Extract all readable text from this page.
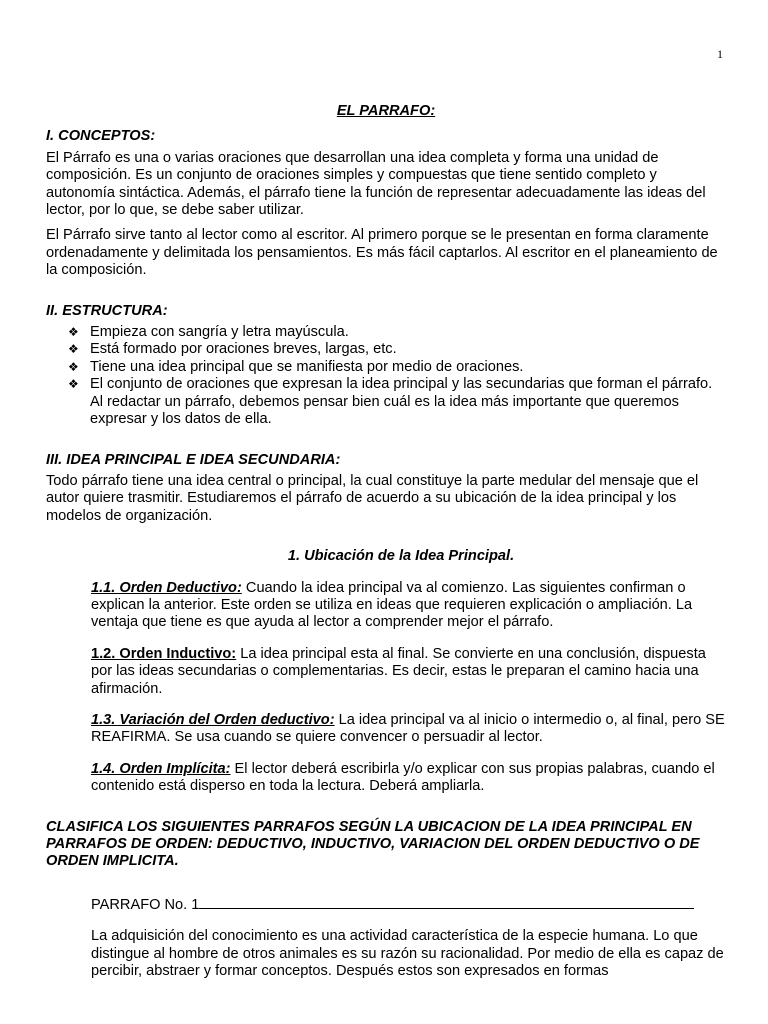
1
EL PARRAFO:
I. CONCEPTOS:

El Párrafo es una o varias oraciones que desarrollan una idea completa y forma una unidad de composición. Es un conjunto de oraciones simples y compuestas que tiene sentido completo y autonomía sintáctica. Además, el párrafo tiene la función de representar adecuadamente las ideas del lector, por lo que, se debe saber utilizar.

El Párrafo sirve tanto al lector como al escritor. Al primero porque se le presentan en forma claramente ordenadamente y delimitada los pensamientos. Es más fácil captarlos. Al escritor en el planeamiento de la composición.

II. ESTRUCTURA:
❖ Empieza con sangría y letra mayúscula.
❖ Está formado por oraciones breves, largas, etc.
❖ Tiene una idea principal que se manifiesta por medio de oraciones.
❖ El conjunto de oraciones que expresan la idea principal y las secundarias que forman el párrafo. Al redactar un párrafo, debemos pensar bien cuál es la idea más importante que queremos expresar y los datos de ella.
III. IDEA PRINCIPAL E IDEA SECUNDARIA:

Todo párrafo tiene una idea central o principal, la cual constituye la parte medular del mensaje que el autor quiere trasmitir. Estudiaremos el párrafo de acuerdo a su ubicación de la idea principal y los modelos de organización.

1. Ubicación de la Idea Principal.

1.1. Orden Deductivo: Cuando la idea principal va al comienzo. Las siguientes confirman o explican la anterior. Este orden se utiliza en ideas que requieren explicación o ampliación. La ventaja que tiene es que ayuda al lector a comprender mejor el párrafo.

1.2. Orden Inductivo: La idea principal esta al final. Se convierte en una conclusión, dispuesta por las ideas secundarias o complementarias. Es decir, estas le preparan el camino hacia una afirmación.

1.3. Variación del Orden deductivo: La idea principal va al inicio o intermedio o, al final, pero SE REAFIRMA. Se usa cuando se quiere convencer o persuadir al lector.

1.4. Orden Implícita: El lector deberá escribirla y/o explicar con sus propias palabras, cuando el contenido está disperso en toda la lectura. Deberá ampliarla.

CLASIFICA LOS SIGUIENTES PARRAFOS SEGÚN LA UBICACION DE LA IDEA PRINCIPAL EN PARRAFOS DE ORDEN: DEDUCTIVO, INDUCTIVO, VARIACION DEL ORDEN DEDUCTIVO O DE ORDEN IMPLICITA.

PARRAFO No. 1

La adquisición del conocimiento es una actividad característica de la especie humana. Lo que distingue al hombre de otros animales es su razón su racionalidad. Por medio de ella es capaz de percibir, abstraer y formar conceptos. Después estos son expresados en formas
